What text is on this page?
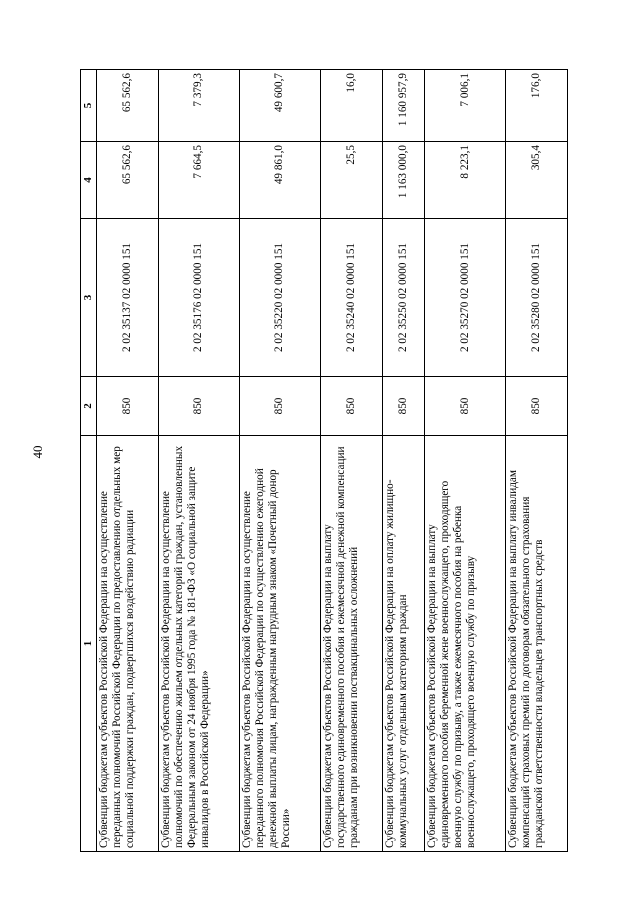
40
1	2	3	4	5
Субвенции бюджетам субъектов Российской Федерации на осуществление переданных полномочий Российской Федерации по предоставлению отдельных мер социальной поддержки граждан, подвергшихся воздействию радиации	850	2 02 35137 02 0000 151	65 562,6	65 562,6
Субвенции бюджетам субъектов Российской Федерации на осуществление полномочий по обеспечению жильем отдельных категорий граждан, установленных Федеральным законом от 24 ноября 1995 года № 181-ФЗ «О социальной защите инвалидов в Российской Федерации»	850	2 02 35176 02 0000 151	7 664,5	7 379,3
Субвенции бюджетам субъектов Российской Федерации на осуществление переданного полномочия Российской Федерации по осуществлению ежегодной денежной выплаты лицам, награжденным нагрудным знаком «Почетный донор России»	850	2 02 35220 02 0000 151	49 861,0	49 600,7
Субвенции бюджетам субъектов Российской Федерации на выплату государственного единовременного пособия и ежемесячной денежной компенсации гражданам при возникновении поствакцинальных осложнений	850	2 02 35240 02 0000 151	25,5	16,0
Субвенции бюджетам субъектов Российской Федерации на оплату жилищно-коммунальных услуг отдельным категориям граждан	850	2 02 35250 02 0000 151	1 163 000,0	1 160 957,9
Субвенции бюджетам субъектов Российской Федерации на выплату единовременного пособия беременной жене военнослужащего, проходящего военную службу по призыву, а также ежемесячного пособия на ребенка военнослужащего, проходящего военную службу по призыву	850	2 02 35270 02 0000 151	8 223,1	7 006,1
Субвенции бюджетам субъектов Российской Федерации на выплату инвалидам компенсаций страховых премий по договорам обязательного страхования гражданской ответственности владельцев транспортных средств	850	2 02 35280 02 0000 151	305,4	176,0
